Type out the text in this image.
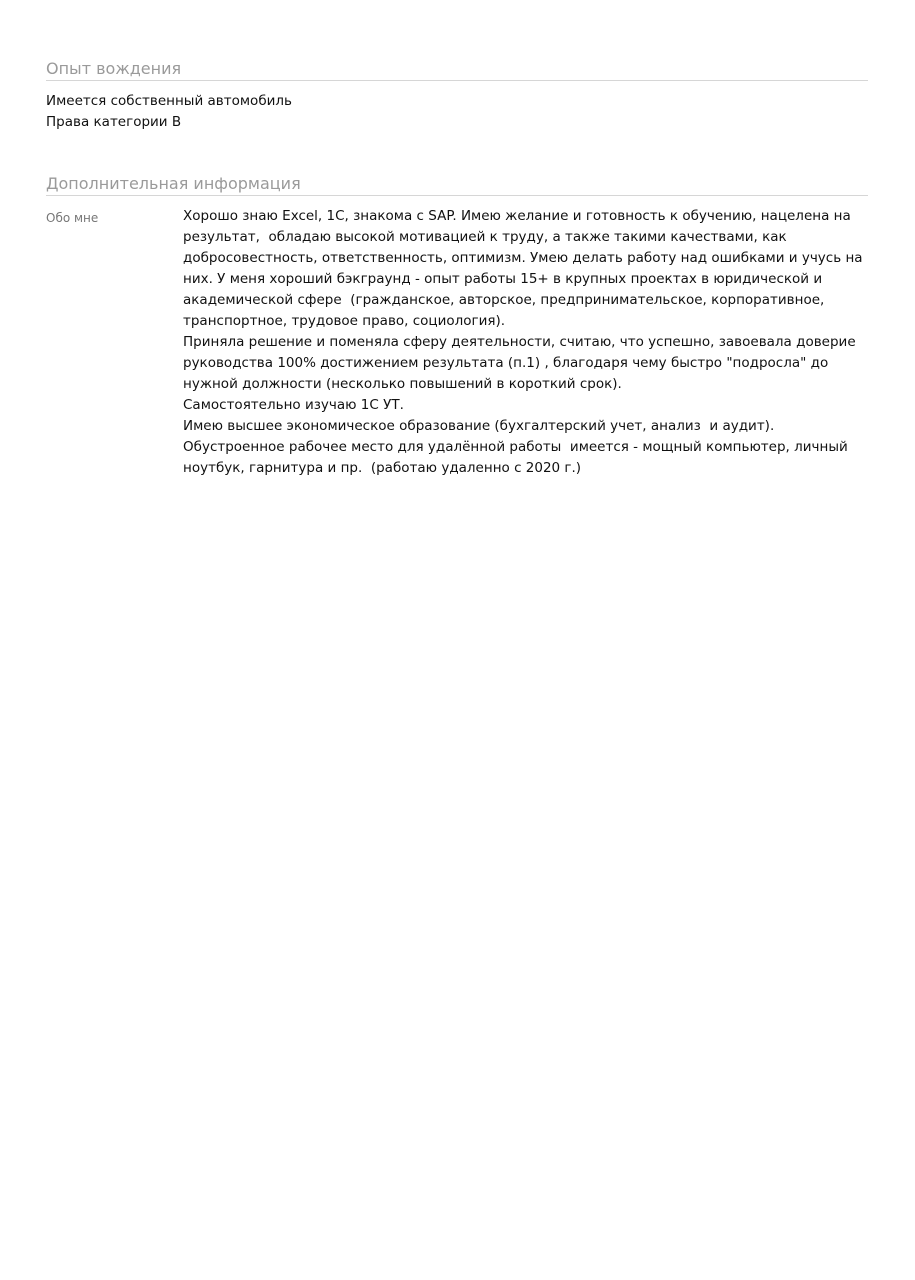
Опыт вождения
Имеется собственный автомобиль
Права категории B
Дополнительная информация
Обо мне	Хорошо знаю Excel, 1С, знакома с SAP. Имею желание и готовность к обучению, нацелена на результат,  обладаю высокой мотивацией к труду, а также такими качествами, как добросовестность, ответственность, оптимизм. Умею делать работу над ошибками и учусь на них. У меня хороший бэкграунд - опыт работы 15+ в крупных проектах в юридической и академической сфере  (гражданское, авторское, предпринимательское, корпоративное, транспортное, трудовое право, социология).
Приняла решение и поменяла сферу деятельности, считаю, что успешно, завоевала доверие руководства 100% достижением результата (п.1) , благодаря чему быстро "подросла" до нужной должности (несколько повышений в короткий срок).
Самостоятельно изучаю 1С УТ.
Имею высшее экономическое образование (бухгалтерский учет, анализ  и аудит).
Обустроенное рабочее место для удалённой работы  имеется - мощный компьютер, личный ноутбук, гарнитура и пр.  (работаю удаленно с 2020 г.)
